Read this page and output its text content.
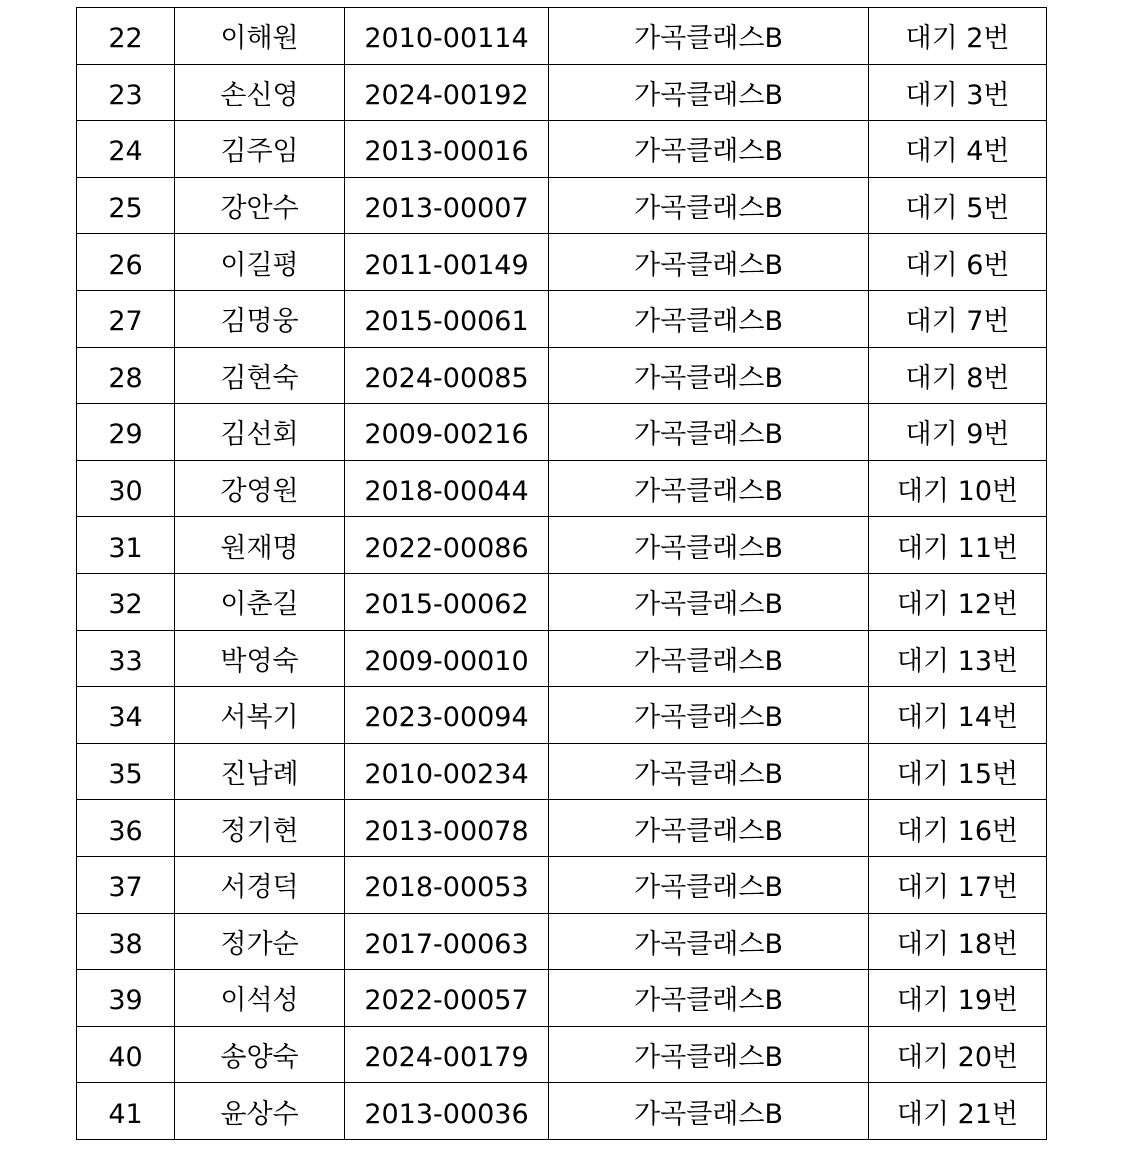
22	이해원	2010-00114	가곡클래스B	대기 2번
23	손신영	2024-00192	가곡클래스B	대기 3번
24	김주임	2013-00016	가곡클래스B	대기 4번
25	강안수	2013-00007	가곡클래스B	대기 5번
26	이길평	2011-00149	가곡클래스B	대기 6번
27	김명웅	2015-00061	가곡클래스B	대기 7번
28	김현숙	2024-00085	가곡클래스B	대기 8번
29	김선회	2009-00216	가곡클래스B	대기 9번
30	강영원	2018-00044	가곡클래스B	대기 10번
31	원재명	2022-00086	가곡클래스B	대기 11번
32	이춘길	2015-00062	가곡클래스B	대기 12번
33	박영숙	2009-00010	가곡클래스B	대기 13번
34	서복기	2023-00094	가곡클래스B	대기 14번
35	진남례	2010-00234	가곡클래스B	대기 15번
36	정기현	2013-00078	가곡클래스B	대기 16번
37	서경덕	2018-00053	가곡클래스B	대기 17번
38	정가순	2017-00063	가곡클래스B	대기 18번
39	이석성	2022-00057	가곡클래스B	대기 19번
40	송양숙	2024-00179	가곡클래스B	대기 20번
41	윤상수	2013-00036	가곡클래스B	대기 21번
